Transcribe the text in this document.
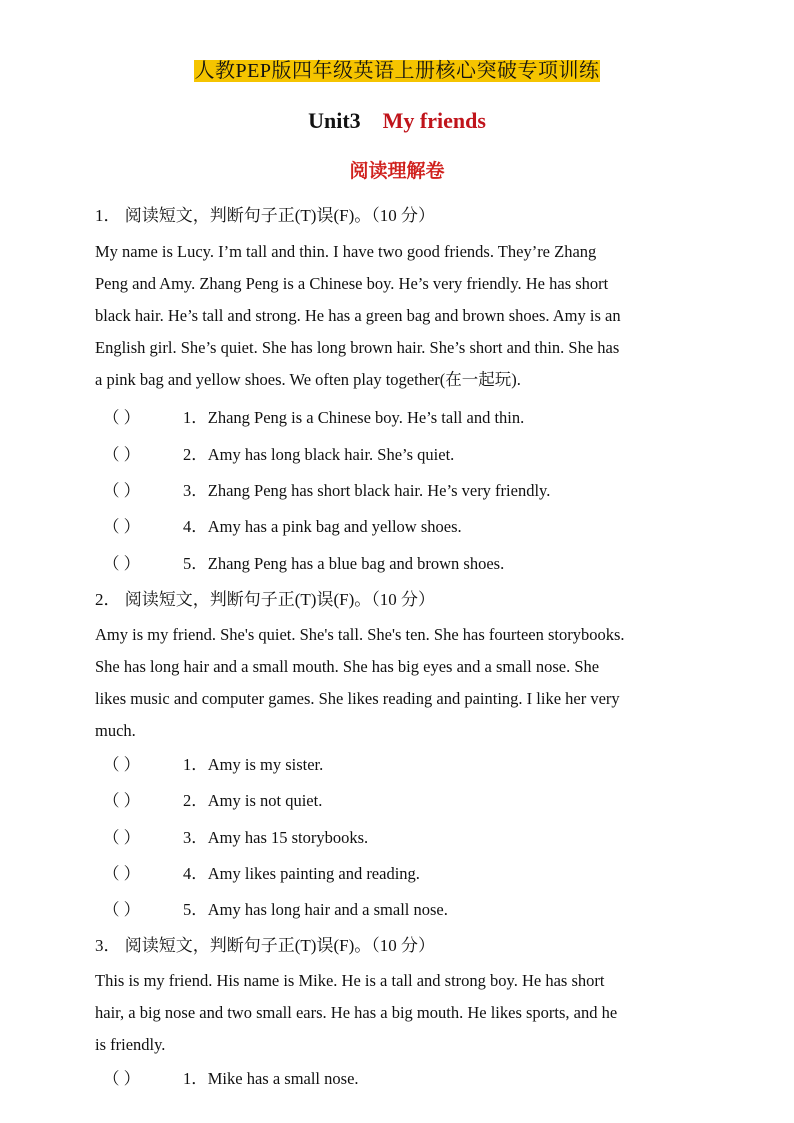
人教PEP版四年级英语上册核心突破专项训练
Unit3 My friends
阅读理解卷
1． 阅读短文，判断句子正(T)误(F)。（10 分）
My name is Lucy. I’m tall and thin. I have two good friends. They’re Zhang
Peng and Amy. Zhang Peng is a Chinese boy. He’s very friendly. He has short
black hair. He’s tall and strong. He has a green bag and brown shoes. Amy is an
English girl. She’s quiet. She has long brown hair. She’s short and thin. She has
a pink bag and yellow shoes. We often play together(在一起玩).
（ ）	1．Zhang Peng is a Chinese boy. He’s tall and thin.
（ ）	2．Amy has long black hair. She’s quiet.
（ ）	3．Zhang Peng has short black hair. He’s very friendly.
（ ）	4．Amy has a pink bag and yellow shoes.
（ ）	5．Zhang Peng has a blue bag and brown shoes.
2． 阅读短文，判断句子正(T)误(F)。（10 分）
Amy is my friend. She's quiet. She's tall. She's ten. She has fourteen storybooks.
She has long hair and a small mouth. She has big eyes and a small nose. She
likes music and computer games. She likes reading and painting. I like her very
much.
（ ）	1．Amy is my sister.
（ ）	2．Amy is not quiet.
（ ）	3．Amy has 15 storybooks.
（ ）	4．Amy likes painting and reading.
（ ）	5．Amy has long hair and a small nose.
3． 阅读短文，判断句子正(T)误(F)。（10 分）
This is my friend. His name is Mike. He is a tall and strong boy. He has short
hair, a big nose and two small ears. He has a big mouth. He likes sports, and he
is friendly.
（ ）	1．Mike has a small nose.
